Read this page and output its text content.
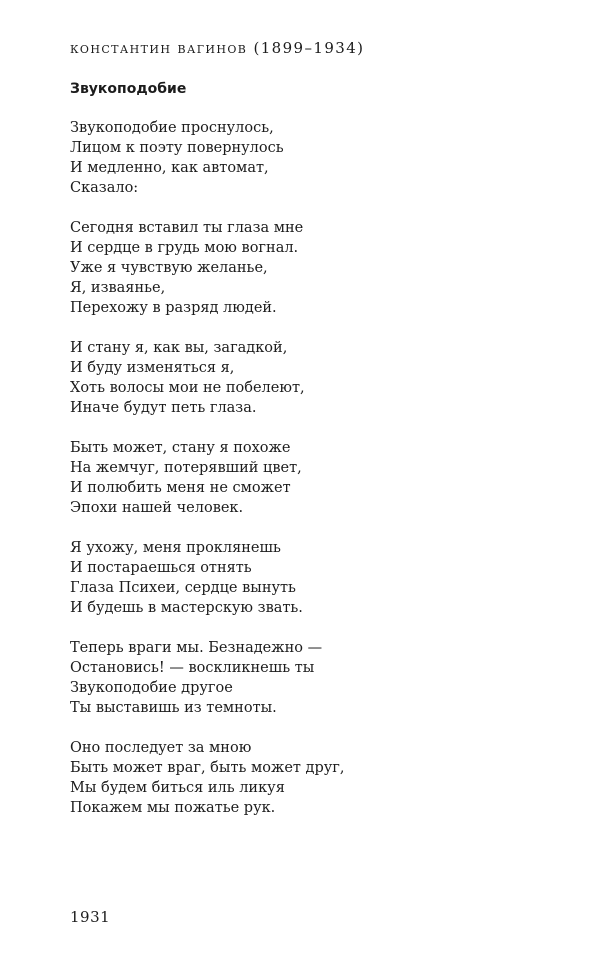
константин вагинов (1899–1934)
Звукоподобие
Звукоподобие проснулось,
Лицом к поэту повернулось
И медленно, как автомат,
Сказало:
Сегодня вставил ты глаза мне
И сердце в грудь мою вогнал.
Уже я чувствую желанье,
Я, изваянье,
Перехожу в разряд людей.
И стану я, как вы, загадкой,
И буду изменяться я,
Хоть волосы мои не побелеют,
Иначе будут петь глаза.
Быть может, стану я похоже
На жемчуг, потерявший цвет,
И полюбить меня не сможет
Эпохи нашей человек.
Я ухожу, меня проклянешь
И постараешься отнять
Глаза Психеи, сердце вынуть
И будешь в мастерскую звать.
Теперь враги мы. Безнадежно —
Остановись! — воскликнешь ты
Звукоподобие другое
Ты выставишь из темноты.
Оно последует за мною
Быть может враг, быть может друг,
Мы будем биться иль ликуя
Покажем мы пожатье рук.
1931
